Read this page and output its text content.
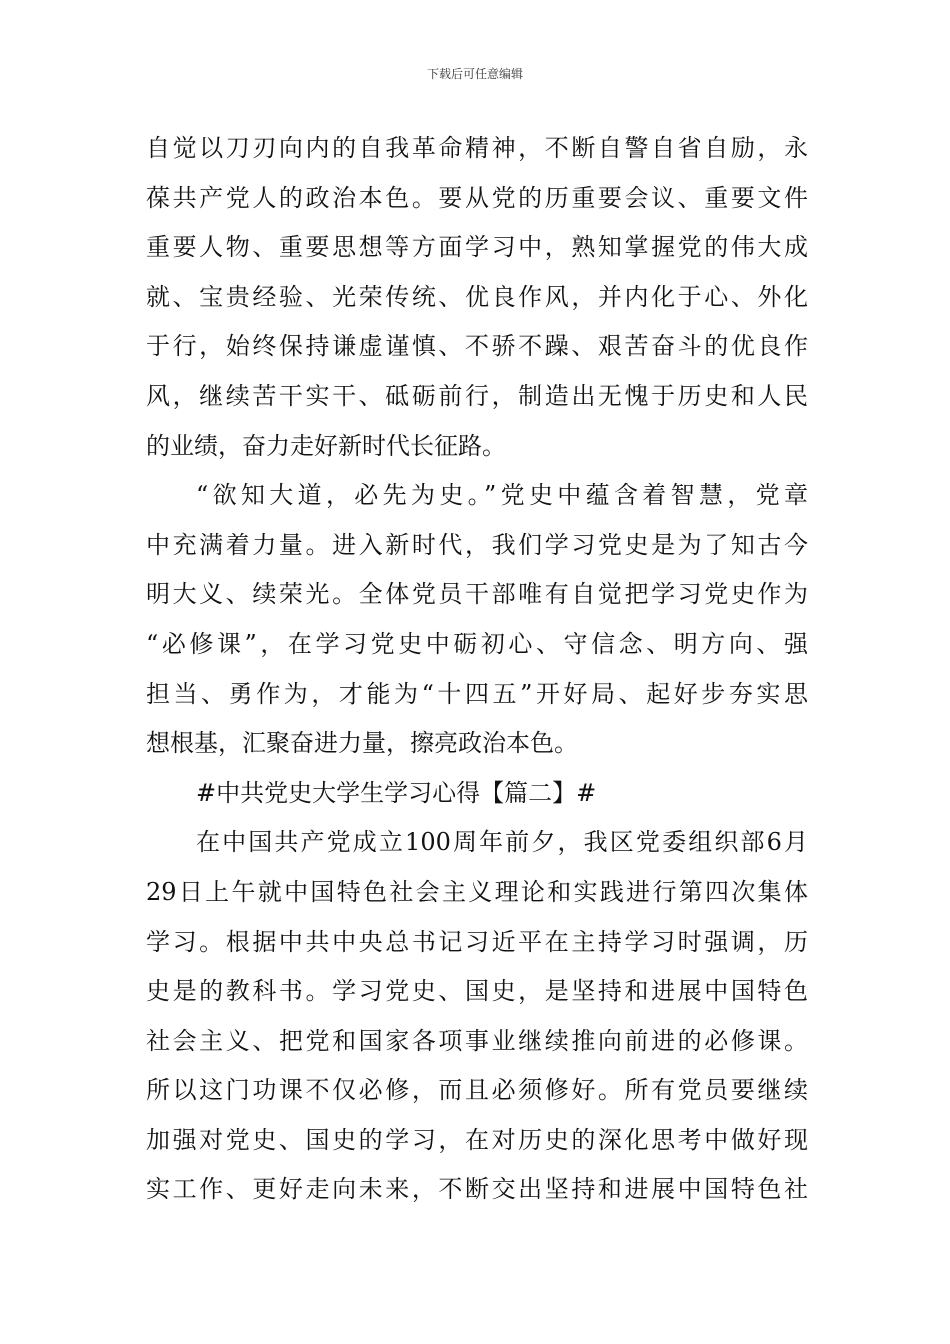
下载后可任意编辑
自觉以刀刃向内的自我革命精神，不断自警自省自励，永
葆共产党人的政治本色。要从党的历重要会议、重要文件
重要人物、重要思想等方面学习中，熟知掌握党的伟大成
就、宝贵经验、光荣传统、优良作风，并内化于心、外化
于行，始终保持谦虚谨慎、不骄不躁、艰苦奋斗的优良作
风，继续苦干实干、砥砺前行，制造出无愧于历史和人民
的业绩，奋力走好新时代长征路。
“欲知大道，必先为史。”党史中蕴含着智慧，党章
中充满着力量。进入新时代，我们学习党史是为了知古今
明大义、续荣光。全体党员干部唯有自觉把学习党史作为
“必修课”，在学习党史中砺初心、守信念、明方向、强
担当、勇作为，才能为“十四五”开好局、起好步夯实思
想根基，汇聚奋进力量，擦亮政治本色。
#中共党史大学生学习心得【篇二】#
在中国共产党成立100周年前夕，我区党委组织部6月
29日上午就中国特色社会主义理论和实践进行第四次集体
学习。根据中共中央总书记习近平在主持学习时强调，历
史是的教科书。学习党史、国史，是坚持和进展中国特色
社会主义、把党和国家各项事业继续推向前进的必修课。
所以这门功课不仅必修，而且必须修好。所有党员要继续
加强对党史、国史的学习，在对历史的深化思考中做好现
实工作、更好走向未来，不断交出坚持和进展中国特色社
